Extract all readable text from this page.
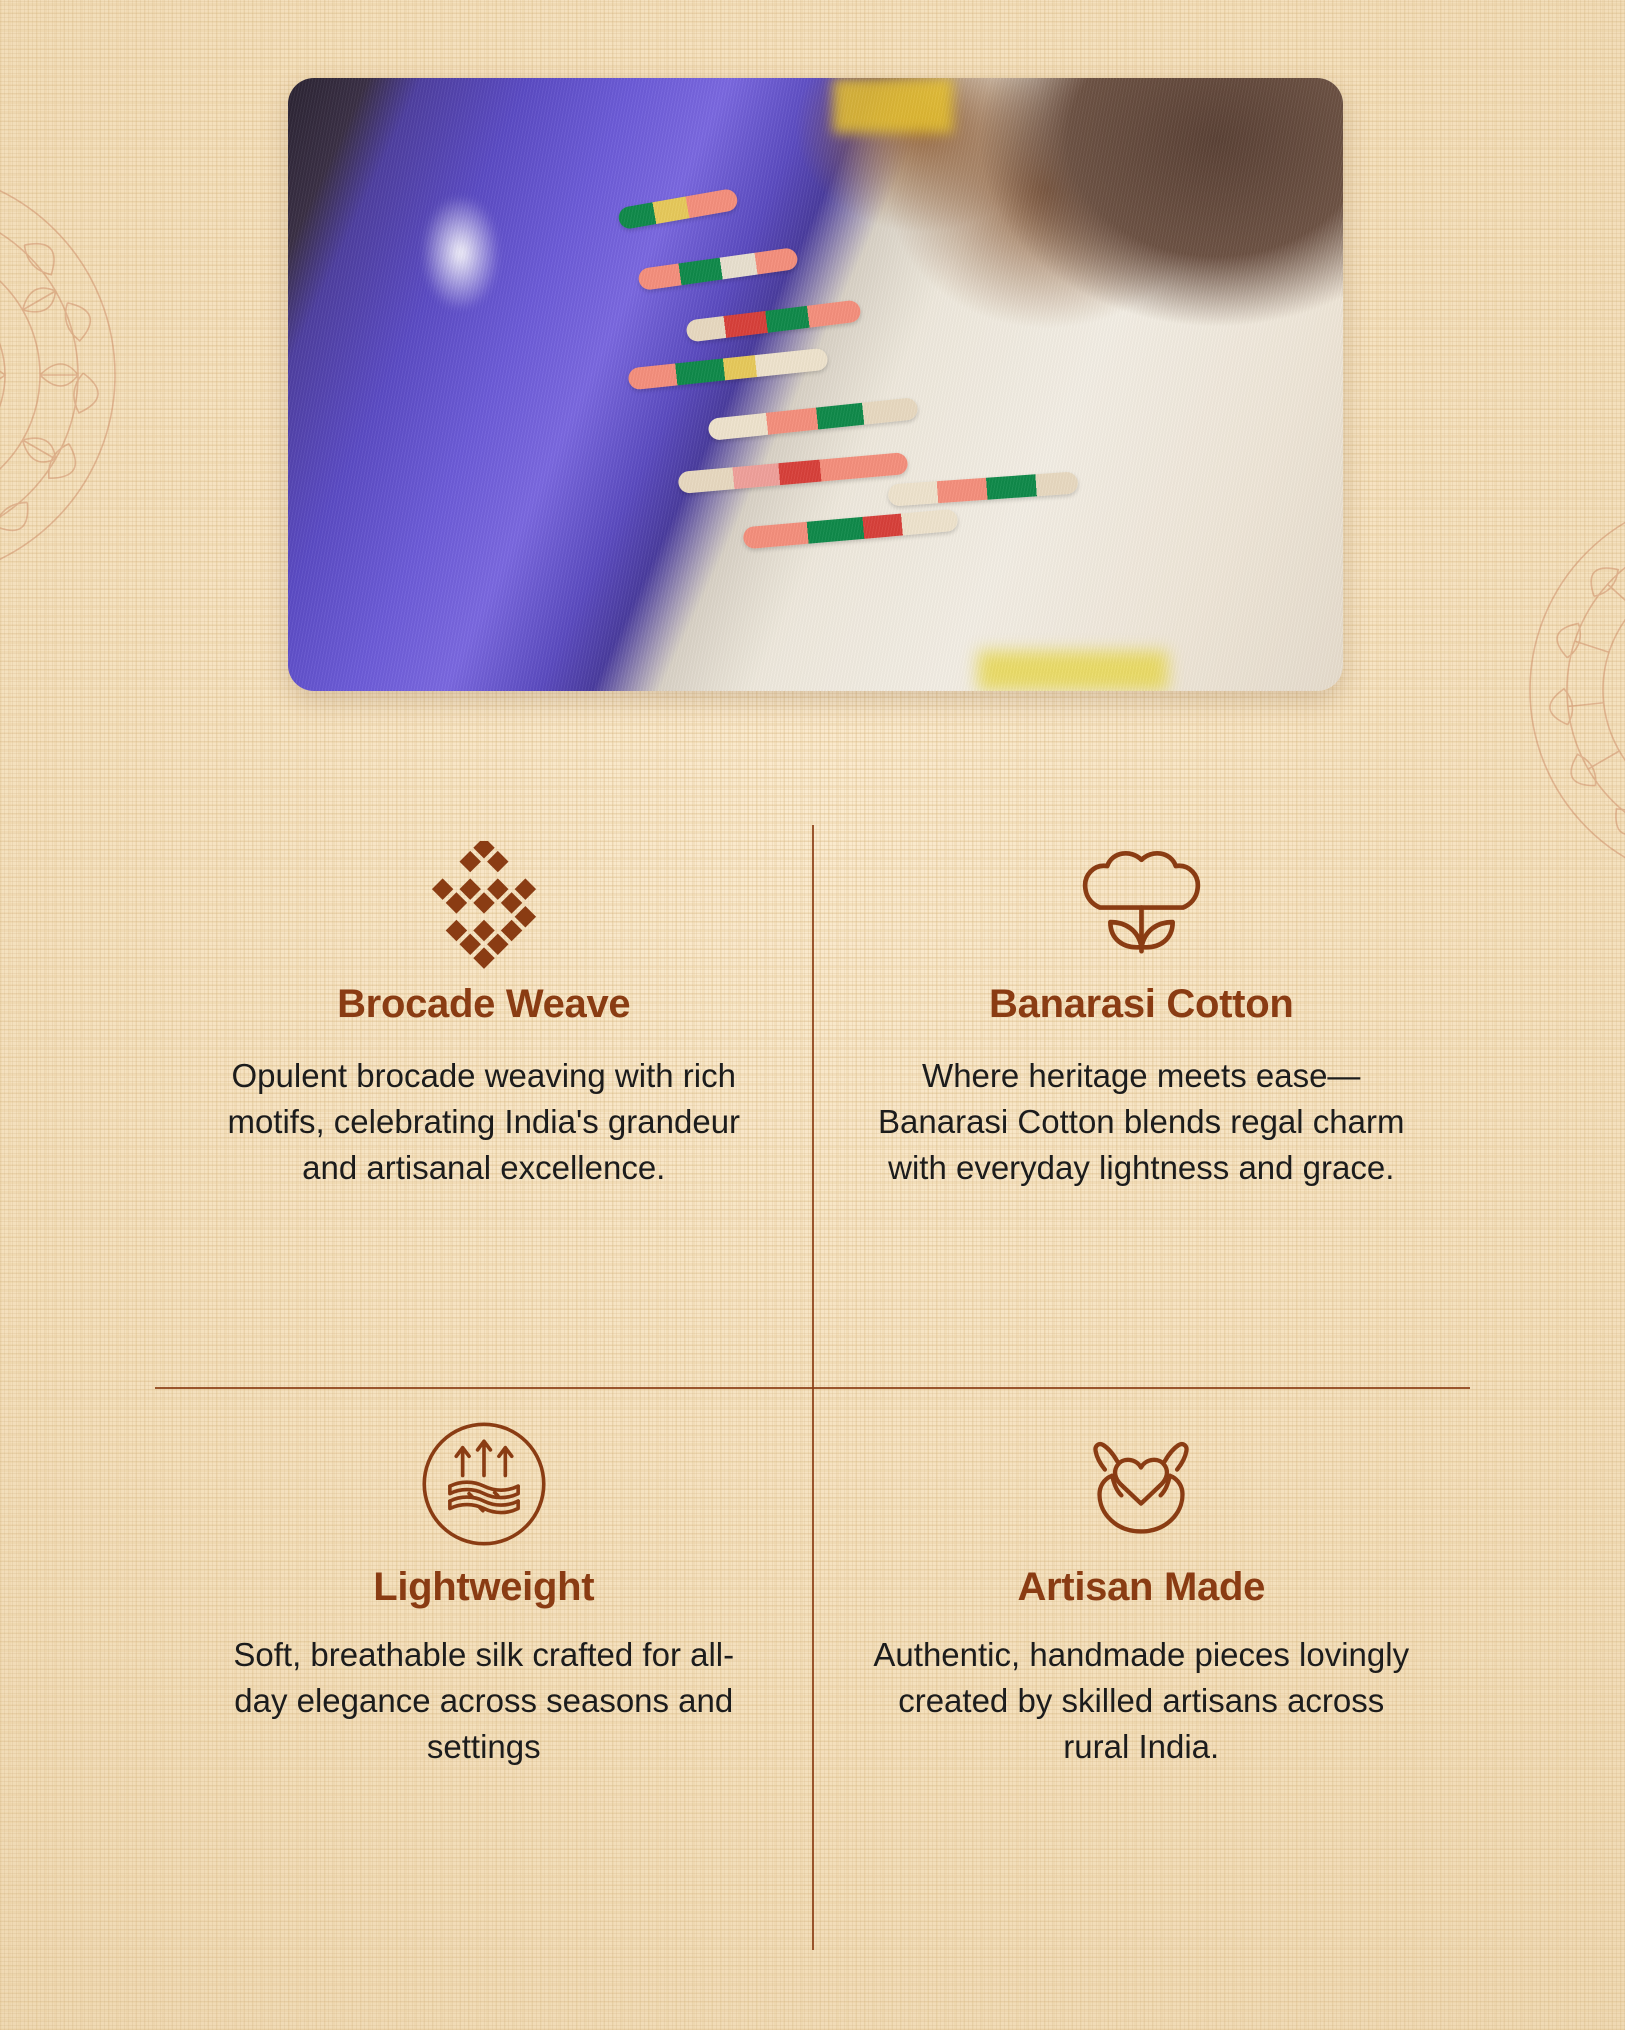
Brocade Weave
Opulent brocade weaving with rich motifs, celebrating India's grandeur and artisanal excellence.
Banarasi Cotton
Where heritage meets ease—Banarasi Cotton blends regal charm with everyday lightness and grace.
Lightweight
Soft, breathable silk crafted for all-day elegance across seasons and settings
Artisan Made
Authentic, handmade pieces lovingly created by skilled artisans across rural India.
